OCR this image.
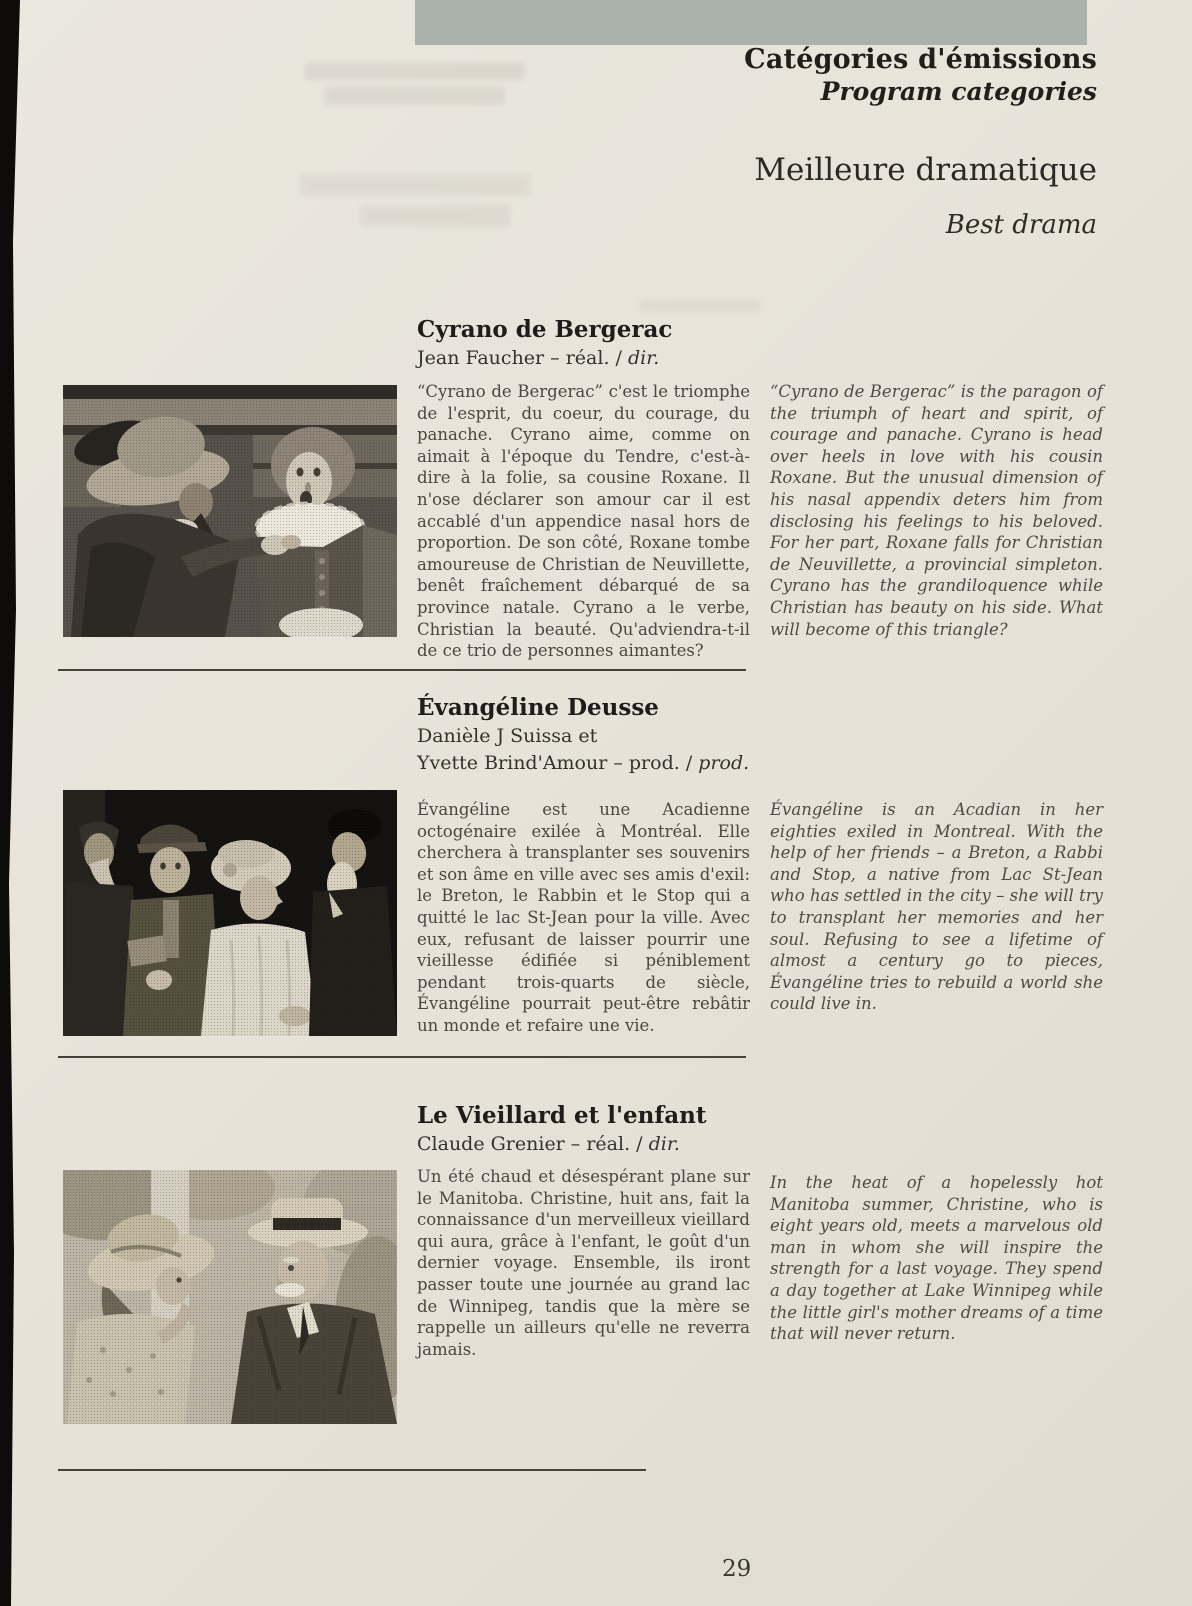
Catégories d'émissions
Program categories
Meilleure dramatique
Best drama
Cyrano de Bergerac
Jean Faucher – réal. / dir.

“Cyrano de Bergerac” c'est le triomphe de l'esprit, du coeur, du courage, du panache. Cyrano aime, comme on aimait à l'époque du Tendre, c'est-à-dire à la folie, sa cousine Roxane. Il n'ose déclarer son amour car il est accablé d'un appendice nasal hors de proportion. De son côté, Roxane tombe amoureuse de Christian de Neuvillette, benêt fraîchement débarqué de sa province natale. Cyrano a le verbe, Christian la beauté. Qu'adviendra-t-il de ce trio de personnes aimantes?

“Cyrano de Bergerac” is the paragon of the triumph of heart and spirit, of courage and panache. Cyrano is head over heels in love with his cousin Roxane. But the unusual dimension of his nasal appendix deters him from disclosing his feelings to his beloved. For her part, Roxane falls for Christian de Neuvillette, a provincial simpleton. Cyrano has the grandiloquence while Christian has beauty on his side. What will become of this triangle?

Évangéline Deusse
Danièle J Suissa et
Yvette Brind'Amour – prod. / prod.

Évangéline est une Acadienne octogénaire exilée à Montréal. Elle cherchera à transplanter ses souvenirs et son âme en ville avec ses amis d'exil: le Breton, le Rabbin et le Stop qui a quitté le lac St-Jean pour la ville. Avec eux, refusant de laisser pourrir une vieillesse édifiée si péniblement pendant trois-quarts de siècle, Évangéline pourrait peut-être rebâtir un monde et refaire une vie.

Évangéline is an Acadian in her eighties exiled in Montreal. With the help of her friends – a Breton, a Rabbi and Stop, a native from Lac St-Jean who has settled in the city – she will try to transplant her memories and her soul. Refusing to see a lifetime of almost a century go to pieces, Évangéline tries to rebuild a world she could live in.

Le Vieillard et l'enfant
Claude Grenier – réal. / dir.

Un été chaud et désespérant plane sur le Manitoba. Christine, huit ans, fait la connaissance d'un merveilleux vieillard qui aura, grâce à l'enfant, le goût d'un dernier voyage. Ensemble, ils iront passer toute une journée au grand lac de Winnipeg, tandis que la mère se rappelle un ailleurs qu'elle ne reverra jamais.

In the heat of a hopelessly hot Manitoba summer, Christine, who is eight years old, meets a marvelous old man in whom she will inspire the strength for a last voyage. They spend a day together at Lake Winnipeg while the little girl's mother dreams of a time that will never return.

29
